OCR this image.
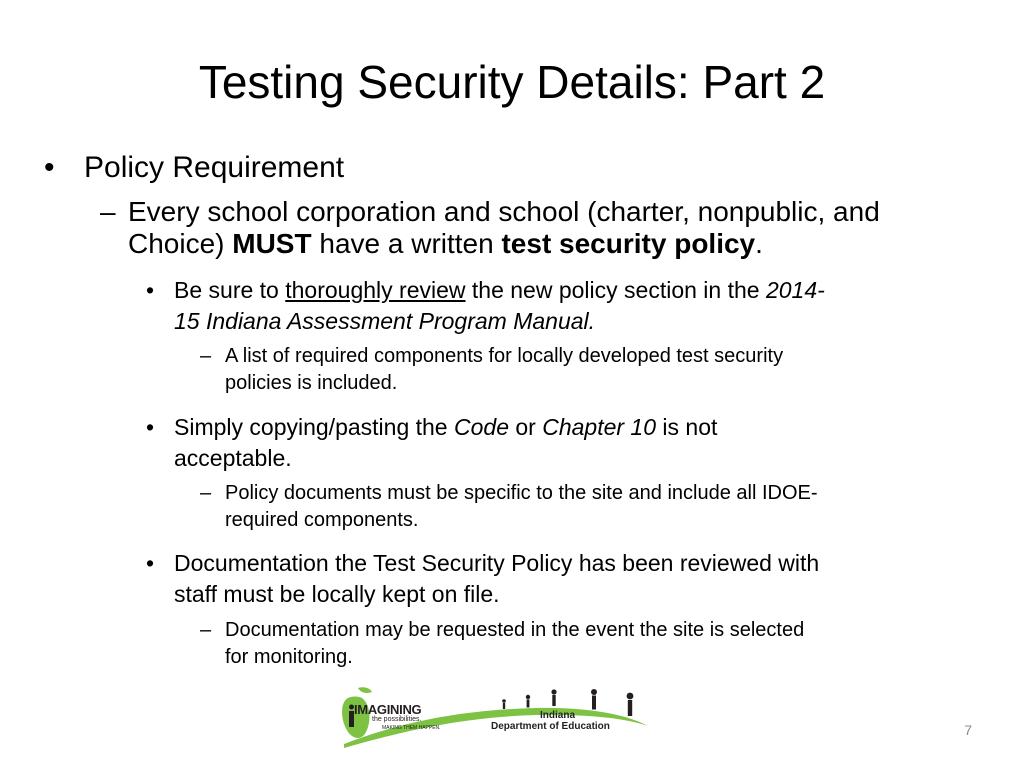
Testing Security Details: Part 2
• Policy Requirement
– Every school corporation and school (charter, nonpublic, and
Choice) MUST have a written test security policy.
• Be sure to thoroughly review the new policy section in the 2014-
15 Indiana Assessment Program Manual.
– A list of required components for locally developed test security
policies is included.
• Simply copying/pasting the Code or Chapter 10 is not
acceptable.
– Policy documents must be specific to the site and include all IDOE-
required components.
• Documentation the Test Security Policy has been reviewed with
staff must be locally kept on file.
– Documentation may be requested in the event the site is selected
for monitoring.
IMAGINING
the possibilities.
MAKING THEM HAPPEN.
Indiana
Department of Education	7
